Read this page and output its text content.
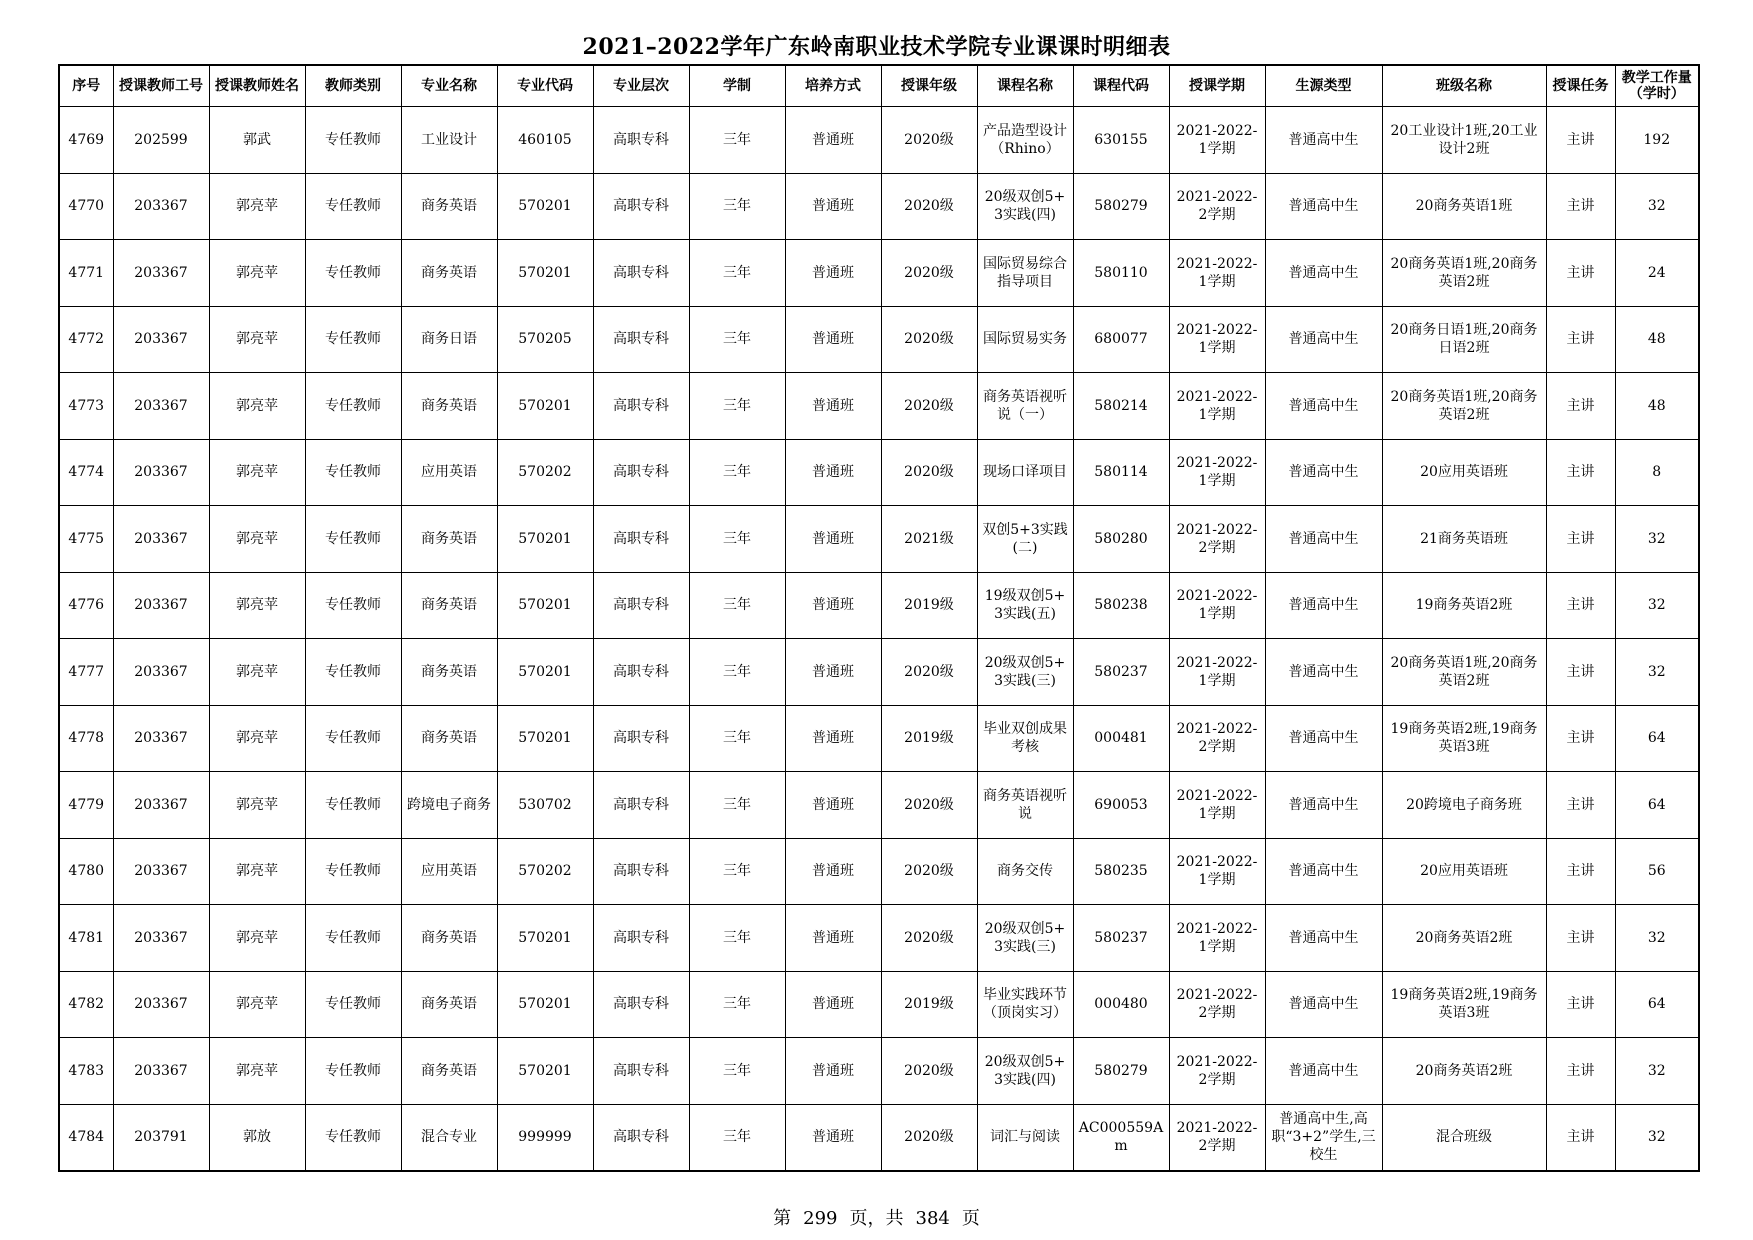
2021–2022学年广东岭南职业技术学院专业课课时明细表
序号	授课教师工号	授课教师姓名	教师类别	专业名称	专业代码	专业层次	学制	培养方式	授课年级	课程名称	课程代码	授课学期	生源类型	班级名称	授课任务	教学工作量（学时）
4769	202599	郭武	专任教师	工业设计	460105	高职专科	三年	普通班	2020级	产品造型设计（Rhino）	630155	2021-2022-1学期	普通高中生	20工业设计1班,20工业设计2班	主讲	192
4770	203367	郭亮苹	专任教师	商务英语	570201	高职专科	三年	普通班	2020级	20级双创5+3实践(四)	580279	2021-2022-2学期	普通高中生	20商务英语1班	主讲	32
4771	203367	郭亮苹	专任教师	商务英语	570201	高职专科	三年	普通班	2020级	国际贸易综合指导项目	580110	2021-2022-1学期	普通高中生	20商务英语1班,20商务英语2班	主讲	24
4772	203367	郭亮苹	专任教师	商务日语	570205	高职专科	三年	普通班	2020级	国际贸易实务	680077	2021-2022-1学期	普通高中生	20商务日语1班,20商务日语2班	主讲	48
4773	203367	郭亮苹	专任教师	商务英语	570201	高职专科	三年	普通班	2020级	商务英语视听说（一）	580214	2021-2022-1学期	普通高中生	20商务英语1班,20商务英语2班	主讲	48
4774	203367	郭亮苹	专任教师	应用英语	570202	高职专科	三年	普通班	2020级	现场口译项目	580114	2021-2022-1学期	普通高中生	20应用英语班	主讲	8
4775	203367	郭亮苹	专任教师	商务英语	570201	高职专科	三年	普通班	2021级	双创5+3实践(二)	580280	2021-2022-2学期	普通高中生	21商务英语班	主讲	32
4776	203367	郭亮苹	专任教师	商务英语	570201	高职专科	三年	普通班	2019级	19级双创5+3实践(五)	580238	2021-2022-1学期	普通高中生	19商务英语2班	主讲	32
4777	203367	郭亮苹	专任教师	商务英语	570201	高职专科	三年	普通班	2020级	20级双创5+3实践(三)	580237	2021-2022-1学期	普通高中生	20商务英语1班,20商务英语2班	主讲	32
4778	203367	郭亮苹	专任教师	商务英语	570201	高职专科	三年	普通班	2019级	毕业双创成果考核	000481	2021-2022-2学期	普通高中生	19商务英语2班,19商务英语3班	主讲	64
4779	203367	郭亮苹	专任教师	跨境电子商务	530702	高职专科	三年	普通班	2020级	商务英语视听说	690053	2021-2022-1学期	普通高中生	20跨境电子商务班	主讲	64
4780	203367	郭亮苹	专任教师	应用英语	570202	高职专科	三年	普通班	2020级	商务交传	580235	2021-2022-1学期	普通高中生	20应用英语班	主讲	56
4781	203367	郭亮苹	专任教师	商务英语	570201	高职专科	三年	普通班	2020级	20级双创5+3实践(三)	580237	2021-2022-1学期	普通高中生	20商务英语2班	主讲	32
4782	203367	郭亮苹	专任教师	商务英语	570201	高职专科	三年	普通班	2019级	毕业实践环节（顶岗实习）	000480	2021-2022-2学期	普通高中生	19商务英语2班,19商务英语3班	主讲	64
4783	203367	郭亮苹	专任教师	商务英语	570201	高职专科	三年	普通班	2020级	20级双创5+3实践(四)	580279	2021-2022-2学期	普通高中生	20商务英语2班	主讲	32
4784	203791	郭放	专任教师	混合专业	999999	高职专科	三年	普通班	2020级	词汇与阅读	AC000559Am	2021-2022-2学期	普通高中生,高职“3+2”学生,三校生	混合班级	主讲	32
第 299 页，共 384 页
